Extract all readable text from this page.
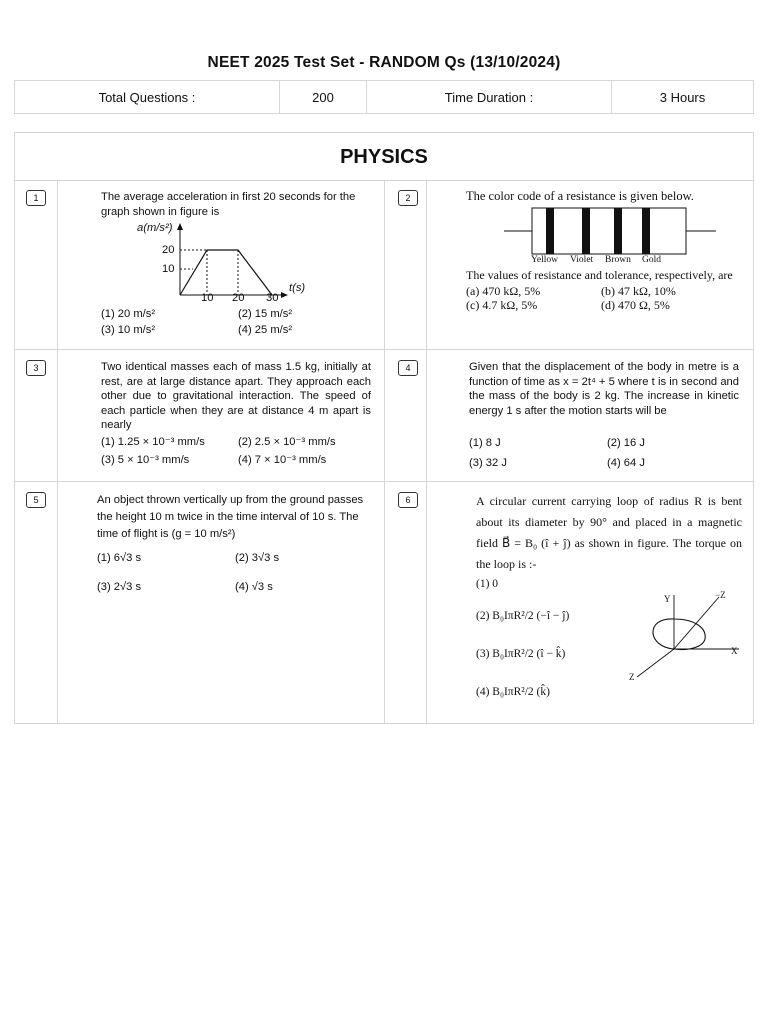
NEET 2025 Test Set - RANDOM Qs (13/10/2024)
Total Questions :	200	Time Duration :	3 Hours
PHYSICS
1	The average acceleration in first 20 seconds for the graph shown in figure is
a(m/s²)
20
10
t(s)
10 20 30
(1) 20 m/s²	(2) 15 m/s²
(3) 10 m/s²	(4) 25 m/s²
2	The color code of a resistance is given below.
Yellow Violet Brown Gold
The values of resistance and tolerance, respectively, are
(a) 470 kΩ, 5%	(b) 47 kΩ, 10%
(c) 4.7 kΩ, 5%	(d) 470 Ω, 5%
3	Two identical masses each of mass 1.5 kg, initially at rest, are at large distance apart. They approach each other due to gravitational interaction. The speed of each particle when they are at distance 4 m apart is nearly
(1) 1.25 × 10⁻³ mm/s	(2) 2.5 × 10⁻³ mm/s
(3) 5 × 10⁻³ mm/s	(4) 7 × 10⁻³ mm/s
4	Given that the displacement of the body in metre is a function of time as x = 2t⁴ + 5 where t is in second and the mass of the body is 2 kg. The increase in kinetic energy 1 s after the motion starts will be
(1) 8 J	(2) 16 J
(3) 32 J	(4) 64 J
5	An object thrown vertically up from the ground passes the height 10 m twice in the time interval of 10 s. The time of flight is (g = 10 m/s²)
(1) 6√3 s	(2) 3√3 s
(3) 2√3 s	(4) √3 s
6	A circular current carrying loop of radius R is bent about its diameter by 90° and placed in a magnetic field B⃗ = B₀ (î + ĵ) as shown in figure. The torque on the loop is :-
(1) 0
(2) B₀IπR²/2 (−î − ĵ)
(3) B₀IπR²/2 (î − k̂)
(4) B₀IπR²/2 (k̂)
Y	−Z
X
Z
